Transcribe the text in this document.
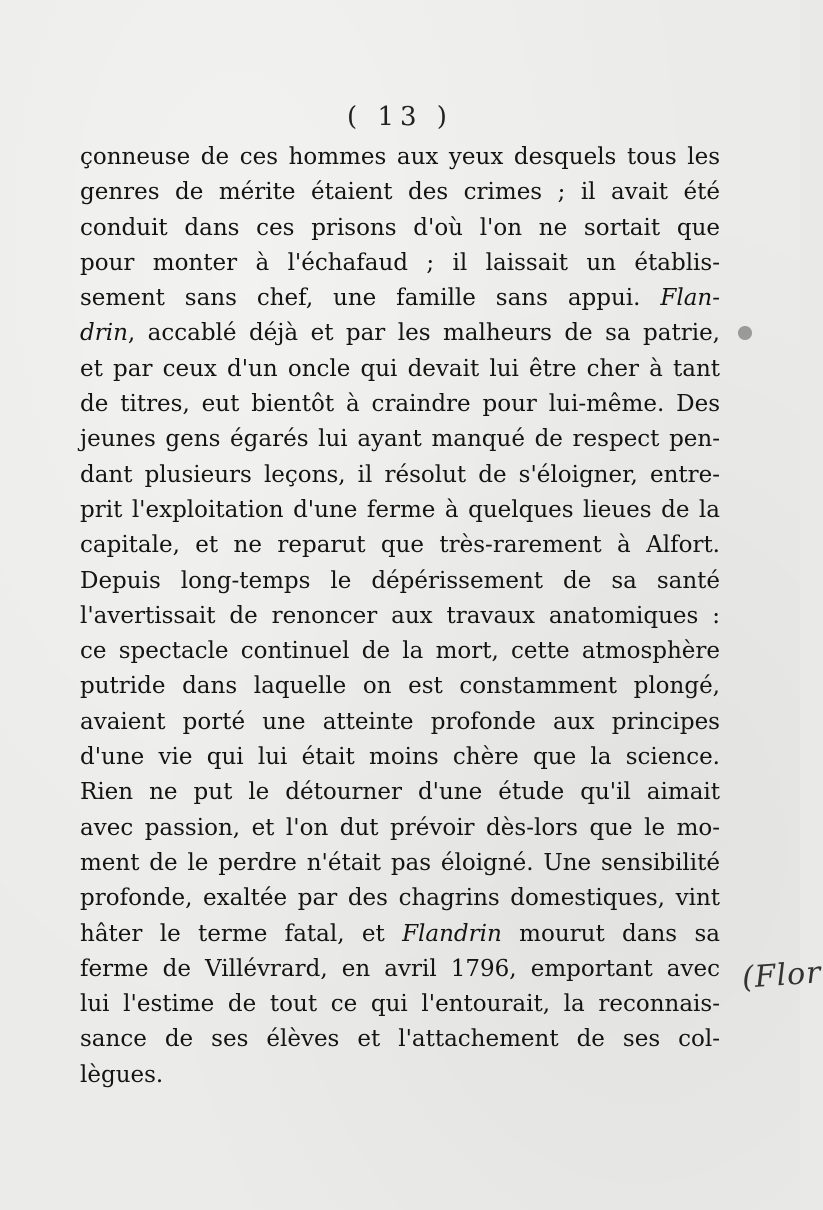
( 13 )
çonneuse de ces hommes aux yeux desquels tous les
genres de mérite étaient des crimes ; il avait été
conduit dans ces prisons d'où l'on ne sortait que
pour monter à l'échafaud ; il laissait un établis-
sement sans chef, une famille sans appui. Flan-
drin, accablé déjà et par les malheurs de sa patrie,
et par ceux d'un oncle qui devait lui être cher à tant
de titres, eut bientôt à craindre pour lui-même. Des
jeunes gens égarés lui ayant manqué de respect pen-
dant plusieurs leçons, il résolut de s'éloigner, entre-
prit l'exploitation d'une ferme à quelques lieues de la
capitale, et ne reparut que très-rarement à Alfort.
Depuis long-temps le dépérissement de sa santé
l'avertissait de renoncer aux travaux anatomiques :
ce spectacle continuel de la mort, cette atmosphère
putride dans laquelle on est constamment plongé,
avaient porté une atteinte profonde aux principes
d'une vie qui lui était moins chère que la science.
Rien ne put le détourner d'une étude qu'il aimait
avec passion, et l'on dut prévoir dès-lors que le mo-
ment de le perdre n'était pas éloigné. Une sensibilité
profonde, exaltée par des chagrins domestiques, vint
hâter le terme fatal, et Flandrin mourut dans sa
ferme de Villévrard, en avril 1796, emportant avec
lui l'estime de tout ce qui l'entourait, la reconnais-
sance de ses élèves et l'attachement de ses col-
lègues.
(Flor
